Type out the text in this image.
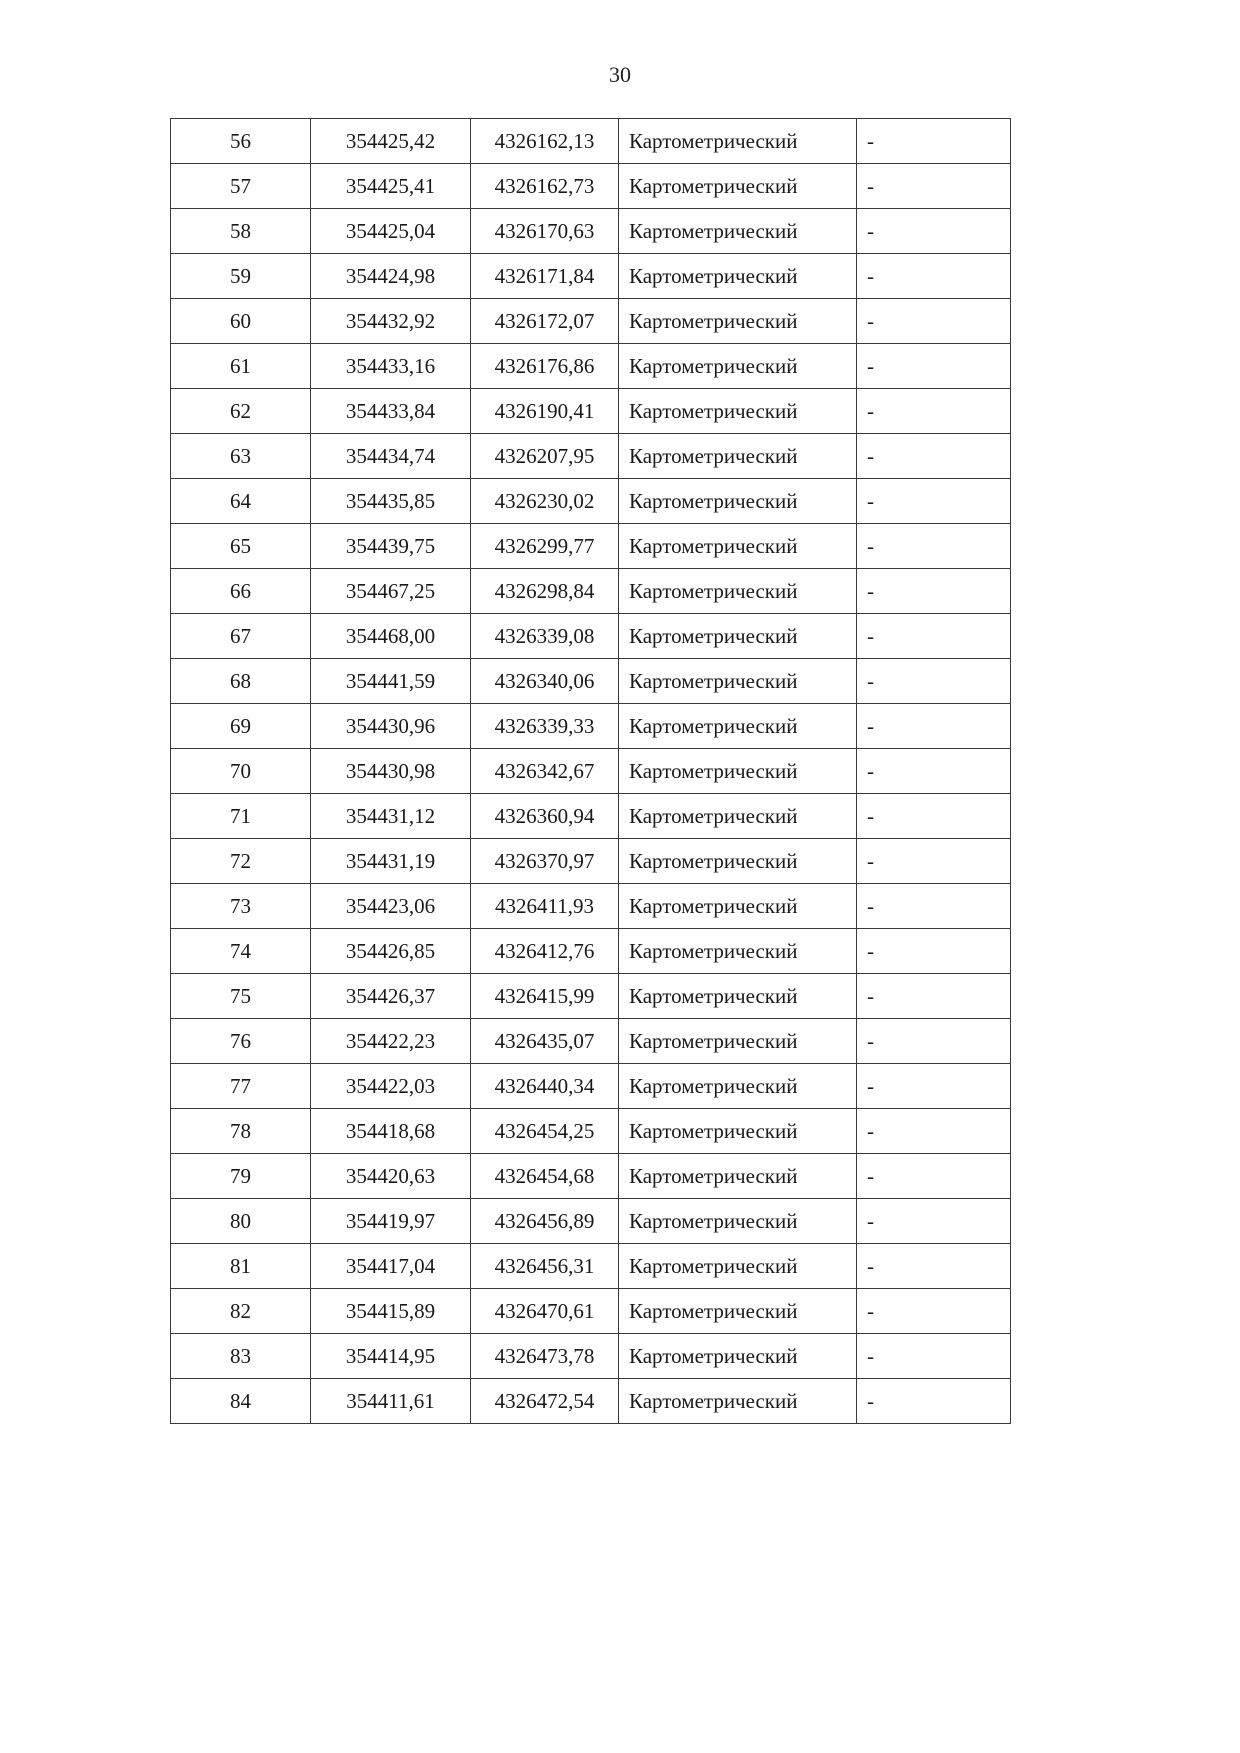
30
56	354425,42	4326162,13	Картометрический	-
57	354425,41	4326162,73	Картометрический	-
58	354425,04	4326170,63	Картометрический	-
59	354424,98	4326171,84	Картометрический	-
60	354432,92	4326172,07	Картометрический	-
61	354433,16	4326176,86	Картометрический	-
62	354433,84	4326190,41	Картометрический	-
63	354434,74	4326207,95	Картометрический	-
64	354435,85	4326230,02	Картометрический	-
65	354439,75	4326299,77	Картометрический	-
66	354467,25	4326298,84	Картометрический	-
67	354468,00	4326339,08	Картометрический	-
68	354441,59	4326340,06	Картометрический	-
69	354430,96	4326339,33	Картометрический	-
70	354430,98	4326342,67	Картометрический	-
71	354431,12	4326360,94	Картометрический	-
72	354431,19	4326370,97	Картометрический	-
73	354423,06	4326411,93	Картометрический	-
74	354426,85	4326412,76	Картометрический	-
75	354426,37	4326415,99	Картометрический	-
76	354422,23	4326435,07	Картометрический	-
77	354422,03	4326440,34	Картометрический	-
78	354418,68	4326454,25	Картометрический	-
79	354420,63	4326454,68	Картометрический	-
80	354419,97	4326456,89	Картометрический	-
81	354417,04	4326456,31	Картометрический	-
82	354415,89	4326470,61	Картометрический	-
83	354414,95	4326473,78	Картометрический	-
84	354411,61	4326472,54	Картометрический	-
